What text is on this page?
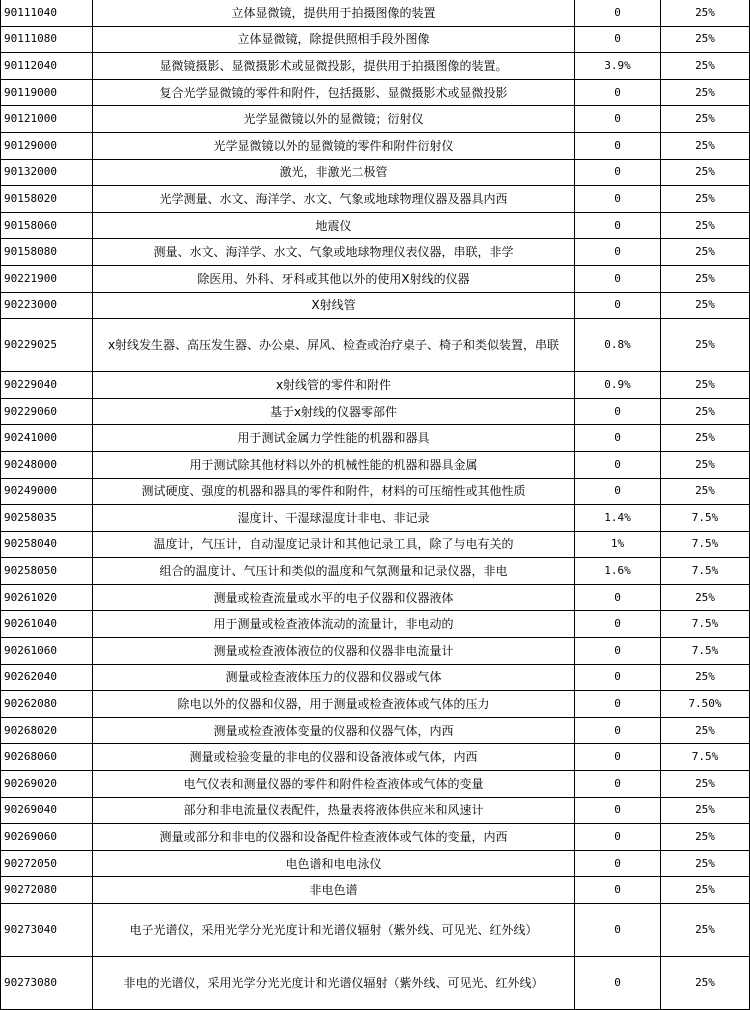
90111040	立体显微镜，提供用于拍摄图像的装置	0	25%
90111080	立体显微镜，除提供照相手段外图像	0	25%
90112040	显微镜摄影、显微摄影术或显微投影，提供用于拍摄图像的装置。	3.9%	25%
90119000	复合光学显微镜的零件和附件，包括摄影、显微摄影术或显微投影	0	25%
90121000	光学显微镜以外的显微镜；衍射仪	0	25%
90129000	光学显微镜以外的显微镜的零件和附件衍射仪	0	25%
90132000	激光，非激光二极管	0	25%
90158020	光学测量、水文、海洋学、水文、气象或地球物理仪器及器具内西	0	25%
90158060	地震仪	0	25%
90158080	测量、水文、海洋学、水文、气象或地球物理仪表仪器，串联，非学	0	25%
90221900	除医用、外科、牙科或其他以外的使用X射线的仪器	0	25%
90223000	X射线管	0	25%
90229025	x射线发生器、高压发生器、办公桌、屏风、检查或治疗桌子、椅子和类似装置，串联	0.8%	25%
90229040	x射线管的零件和附件	0.9%	25%
90229060	基于x射线的仪器零部件	0	25%
90241000	用于测试金属力学性能的机器和器具	0	25%
90248000	用于测试除其他材料以外的机械性能的机器和器具金属	0	25%
90249000	测试硬度、强度的机器和器具的零件和附件，材料的可压缩性或其他性质	0	25%
90258035	湿度计、干湿球湿度计非电、非记录	1.4%	7.5%
90258040	温度计，气压计，自动湿度记录计和其他记录工具，除了与电有关的	1%	7.5%
90258050	组合的温度计、气压计和类似的温度和气氛测量和记录仪器，非电	1.6%	7.5%
90261020	测量或检查流量或水平的电子仪器和仪器液体	0	25%
90261040	用于测量或检查液体流动的流量计，非电动的	0	7.5%
90261060	测量或检查液体液位的仪器和仪器非电流量计	0	7.5%
90262040	测量或检查液体压力的仪器和仪器或气体	0	25%
90262080	除电以外的仪器和仪器，用于测量或检查液体或气体的压力	0	7.50%
90268020	测量或检查液体变量的仪器和仪器气体，内西	0	25%
90268060	测量或检验变量的非电的仪器和设备液体或气体，内西	0	7.5%
90269020	电气仪表和测量仪器的零件和附件检查液体或气体的变量	0	25%
90269040	部分和非电流量仪表配件，热量表将液体供应米和风速计	0	25%
90269060	测量或部分和非电的仪器和设备配件检查液体或气体的变量，内西	0	25%
90272050	电色谱和电电泳仪	0	25%
90272080	非电色谱	0	25%
90273040	电子光谱仪，采用光学分光光度计和光谱仪辐射（紫外线、可见光、红外线）	0	25%
90273080	非电的光谱仪，采用光学分光光度计和光谱仪辐射（紫外线、可见光、红外线）	0	25%
